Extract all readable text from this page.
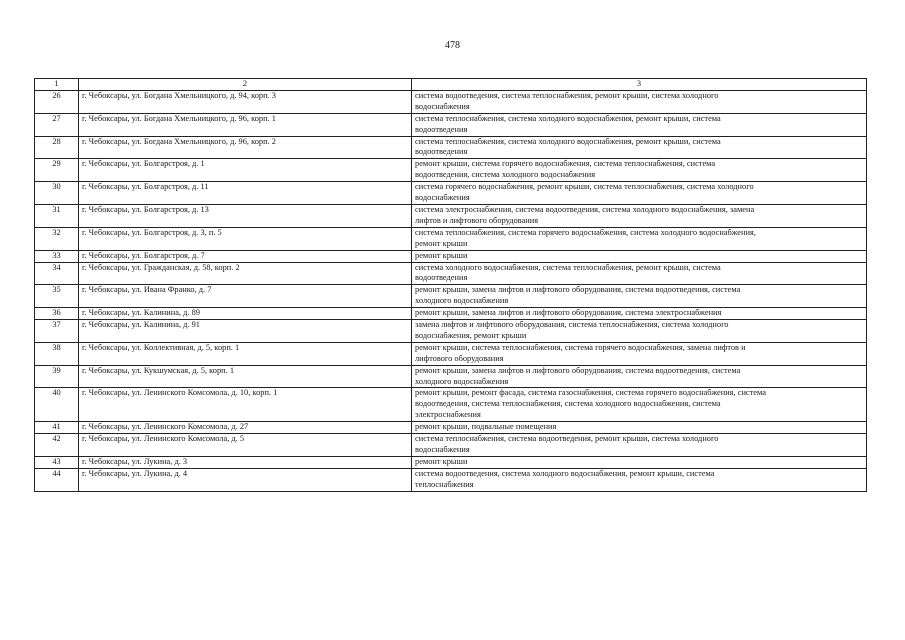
478
1	2	3
26	г. Чебоксары, ул. Богдана Хмельницкого, д. 94, корп. 3	система водоотведения, система теплоснабжения, ремонт крыши, система холодного
водоснабжения

27	г. Чебоксары, ул. Богдана Хмельницкого, д. 96, корп. 1	система теплоснабжения, система холодного водоснабжения, ремонт крыши, система
водоотведения

28	г. Чебоксары, ул. Богдана Хмельницкого, д. 96, корп. 2	система теплоснабжения, система холодного водоснабжения, ремонт крыши, система
водоотведения

29	г. Чебоксары, ул. Болгарстроя, д. 1	ремонт крыши, система горячего водоснабжения, система теплоснабжения, система
водоотведения, система холодного водоснабжения

30	г. Чебоксары, ул. Болгарстроя, д. 11	система горячего водоснабжения, ремонт крыши, система теплоснабжения, система холодного
водоснабжения

31	г. Чебоксары, ул. Болгарстроя, д. 13	система электроснабжения, система водоотведения, система холодного водоснабжения, замена
лифтов и лифтового оборудования

32	г. Чебоксары, ул. Болгарстроя, д. 3, п. 5	система теплоснабжения, система горячего водоснабжения, система холодного водоснабжения,
ремонт крыши

33	г. Чебоксары, ул. Болгарстроя, д. 7	ремонт крыши

34	г. Чебоксары, ул. Гражданская, д. 58, корп. 2	система холодного водоснабжения, система теплоснабжения, ремонт крыши, система
водоотведения

35	г. Чебоксары, ул. Ивана Франко, д. 7	ремонт крыши, замена лифтов и лифтового оборудования, система водоотведения, система
холодного водоснабжения

36	г. Чебоксары, ул. Калинина, д. 89	ремонт крыши, замена лифтов и лифтового оборудования, система электроснабжения

37	г. Чебоксары, ул. Калинина, д. 91	замена лифтов и лифтового оборудования, система теплоснабжения, система холодного
водоснабжения, ремонт крыши

38	г. Чебоксары, ул. Коллективная, д. 5, корп. 1	ремонт крыши, система теплоснабжения, система горячего водоснабжения, замена лифтов и
лифтового оборудования

39	г. Чебоксары, ул. Кукшумская, д. 5, корп. 1	ремонт крыши, замена лифтов и лифтового оборудования, система водоотведения, система
холодного водоснабжения

40	г. Чебоксары, ул. Ленинского Комсомола, д. 10, корп. 1	ремонт крыши, ремонт фасада, система газоснабжения, система горячего водоснабжения, система
водоотведения, система теплоснабжения, система холодного водоснабжения, система
электроснабжения

41	г. Чебоксары, ул. Ленинского Комсомола, д. 27	ремонт крыши, подвальные помещения

42	г. Чебоксары, ул. Ленинского Комсомола, д. 5	система теплоснабжения, система водоотведения, ремонт крыши, система холодного
водоснабжения

43	г. Чебоксары, ул. Лукина, д. 3	ремонт крыши

44	г. Чебоксары, ул. Лукина, д. 4	система водоотведения, система холодного водоснабжения, ремонт крыши, система
теплоснабжения
